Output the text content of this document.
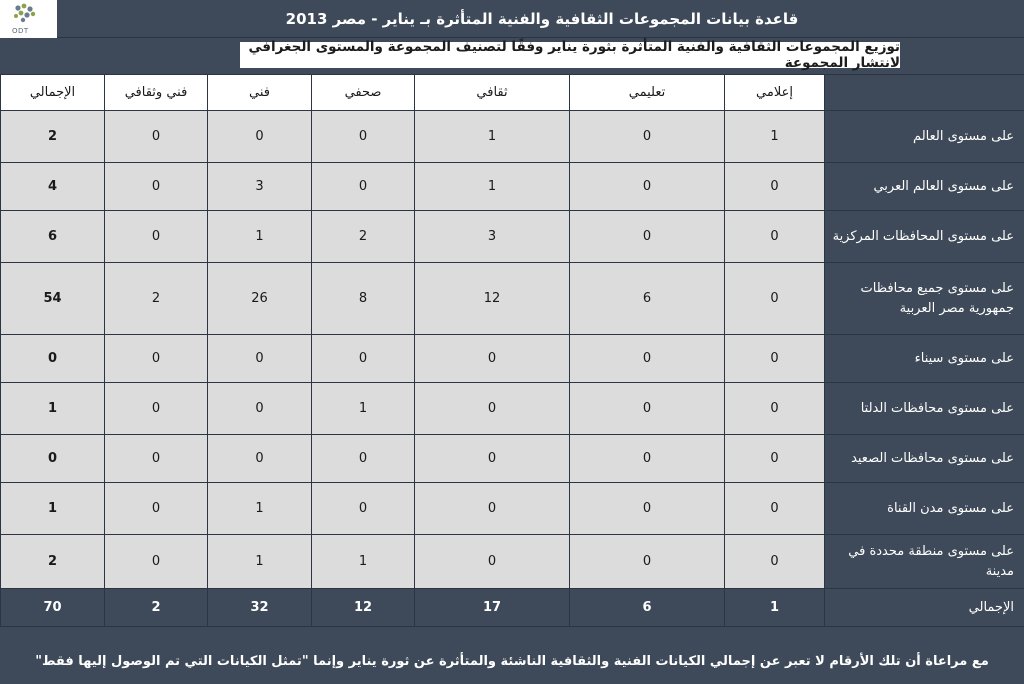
ODT
قاعدة بيانات المجموعات الثقافية والفنية المتأثرة بـ يناير - مصر 2013
توزيع المجموعات الثقافية والفنية المتأثرة بثورة يناير وفقًا لتصنيف المجموعة والمستوى الجغرافي لانتشار المجموعة
الإجمالي	فني وثقافي	فني	صحفي	ثقافي	تعليمي	إعلامي	
2	0	0	0	1	0	1	على مستوى العالم
4	0	3	0	1	0	0	على مستوى العالم العربي
6	0	1	2	3	0	0	على مستوى المحافظات المركزية
54	2	26	8	12	6	0	على مستوى جميع محافظات جمهورية مصر العربية
0	0	0	0	0	0	0	على مستوى سيناء
1	0	0	1	0	0	0	على مستوى محافظات الدلتا
0	0	0	0	0	0	0	على مستوى محافظات الصعيد
1	0	1	0	0	0	0	على مستوى مدن القناة
2	0	1	1	0	0	0	على مستوى منطقة محددة في مدينة
70	2	32	12	17	6	1	الإجمالي
مع مراعاة أن تلك الأرقام لا تعبر عن إجمالي الكيانات الفنية والثقافية الناشئة والمتأثرة عن ثورة يناير وإنما "تمثل الكيانات التي تم الوصول إليها فقط"
